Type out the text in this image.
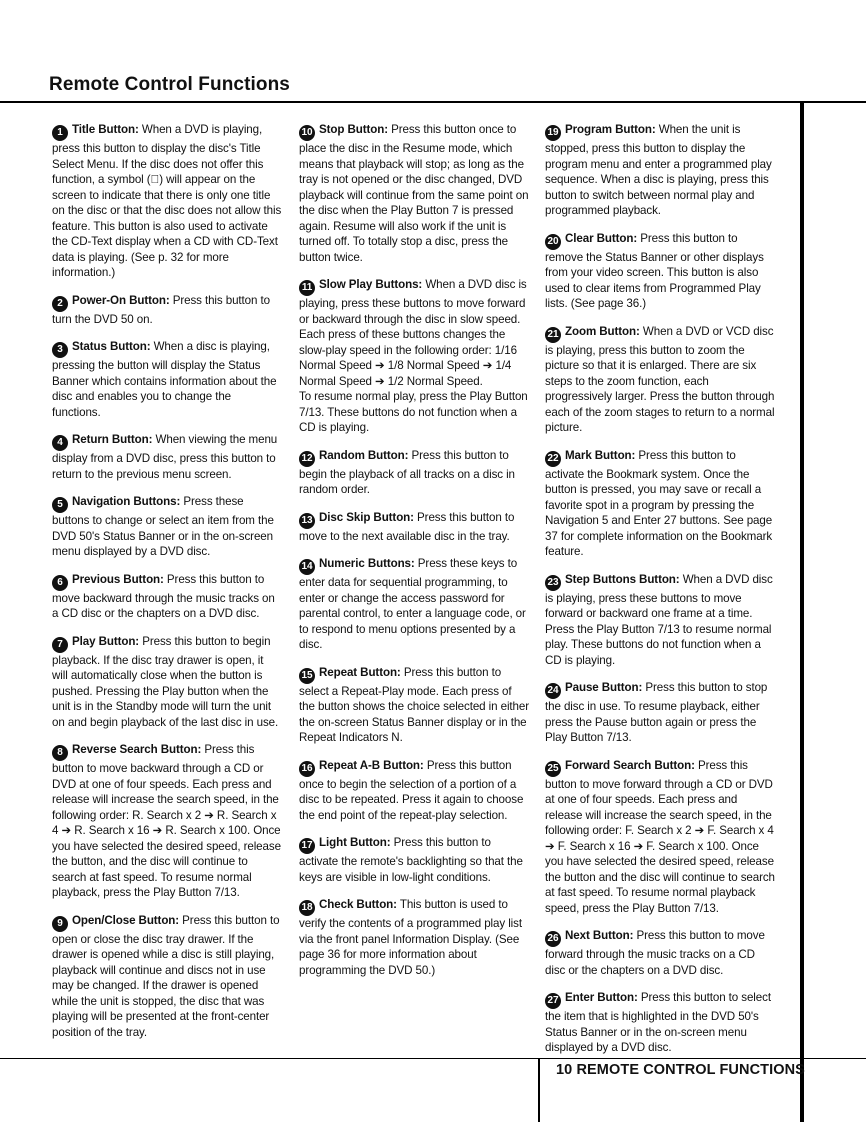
Remote Control Functions

1 Title Button: When a DVD is playing, press this button to display the disc's Title Select Menu. If the disc does not offer this function, a symbol (⃠) will appear on the screen to indicate that there is only one title on the disc or that the disc does not allow this feature. This button is also used to activate the CD-Text display when a CD with CD-Text data is playing. (See p. 32 for more information.)

2 Power-On Button: Press this button to turn the DVD 50 on.

3 Status Button: When a disc is playing, pressing the button will display the Status Banner which contains information about the disc and enables you to change the functions.

4 Return Button: When viewing the menu display from a DVD disc, press this button to return to the previous menu screen.

5 Navigation Buttons: Press these buttons to change or select an item from the DVD 50's Status Banner or in the on-screen menu displayed by a DVD disc.

6 Previous Button: Press this button to move backward through the music tracks on a CD disc or the chapters on a DVD disc.

7 Play Button: Press this button to begin playback. If the disc tray drawer is open, it will automatically close when the button is pushed. Pressing the Play button when the unit is in the Standby mode will turn the unit on and begin playback of the last disc in use.

8 Reverse Search Button: Press this button to move backward through a CD or DVD at one of four speeds. Each press and release will increase the search speed, in the following order: R. Search x 2 ➔ R. Search x 4 ➔ R. Search x 16 ➔ R. Search x 100. Once you have selected the desired speed, release the button, and the disc will continue to search at fast speed. To resume normal playback, press the Play Button 7/13.

9 Open/Close Button: Press this button to open or close the disc tray drawer. If the drawer is opened while a disc is still playing, playback will continue and discs not in use may be changed. If the drawer is opened while the unit is stopped, the disc that was playing will be presented at the front-center position of the tray.

10 Stop Button: Press this button once to place the disc in the Resume mode, which means that playback will stop; as long as the tray is not opened or the disc changed, DVD playback will continue from the same point on the disc when the Play Button 7 is pressed again. Resume will also work if the unit is turned off. To totally stop a disc, press the button twice.

11 Slow Play Buttons: When a DVD disc is playing, press these buttons to move forward or backward through the disc in slow speed. Each press of these buttons changes the slow-play speed in the following order: 1/16 Normal Speed ➔ 1/8 Normal Speed ➔ 1/4 Normal Speed ➔ 1/2 Normal Speed.

To resume normal play, press the Play Button 7/13. These buttons do not function when a CD is playing.

12 Random Button: Press this button to begin the playback of all tracks on a disc in random order.

13 Disc Skip Button: Press this button to move to the next available disc in the tray.

14 Numeric Buttons: Press these keys to enter data for sequential programming, to enter or change the access password for parental control, to enter a language code, or to respond to menu options presented by a disc.

15 Repeat Button: Press this button to select a Repeat-Play mode. Each press of the button shows the choice selected in either the on-screen Status Banner display or in the Repeat Indicators N.

16 Repeat A-B Button: Press this button once to begin the selection of a portion of a disc to be repeated. Press it again to choose the end point of the repeat-play selection.

17 Light Button: Press this button to activate the remote's backlighting so that the keys are visible in low-light conditions.

18 Check Button: This button is used to verify the contents of a programmed play list via the front panel Information Display. (See page 36 for more information about programming the DVD 50.)

19 Program Button: When the unit is stopped, press this button to display the program menu and enter a programmed play sequence. When a disc is playing, press this button to switch between normal play and programmed playback.

20 Clear Button: Press this button to remove the Status Banner or other displays from your video screen. This button is also used to clear items from Programmed Play lists. (See page 36.)

21 Zoom Button: When a DVD or VCD disc is playing, press this button to zoom the picture so that it is enlarged. There are six steps to the zoom function, each progressively larger. Press the button through each of the zoom stages to return to a normal picture.

22 Mark Button: Press this button to activate the Bookmark system. Once the button is pressed, you may save or recall a favorite spot in a program by pressing the Navigation 5 and Enter 27 buttons. See page 37 for complete information on the Bookmark feature.

23 Step Buttons Button: When a DVD disc is playing, press these buttons to move forward or backward one frame at a time. Press the Play Button 7/13 to resume normal play. These buttons do not function when a CD is playing.

24 Pause Button: Press this button to stop the disc in use. To resume playback, either press the Pause button again or press the Play Button 7/13.

25 Forward Search Button: Press this button to move forward through a CD or DVD at one of four speeds. Each press and release will increase the search speed, in the following order: F. Search x 2 ➔ F. Search x 4 ➔ F. Search x 16 ➔ F. Search x 100. Once you have selected the desired speed, release the button and the disc will continue to search at fast speed. To resume normal playback speed, press the Play Button 7/13.

26 Next Button: Press this button to move forward through the music tracks on a CD disc or the chapters on a DVD disc.

27 Enter Button: Press this button to select the item that is highlighted in the DVD 50's Status Banner or in the on-screen menu displayed by a DVD disc.

10 REMOTE CONTROL FUNCTIONS
